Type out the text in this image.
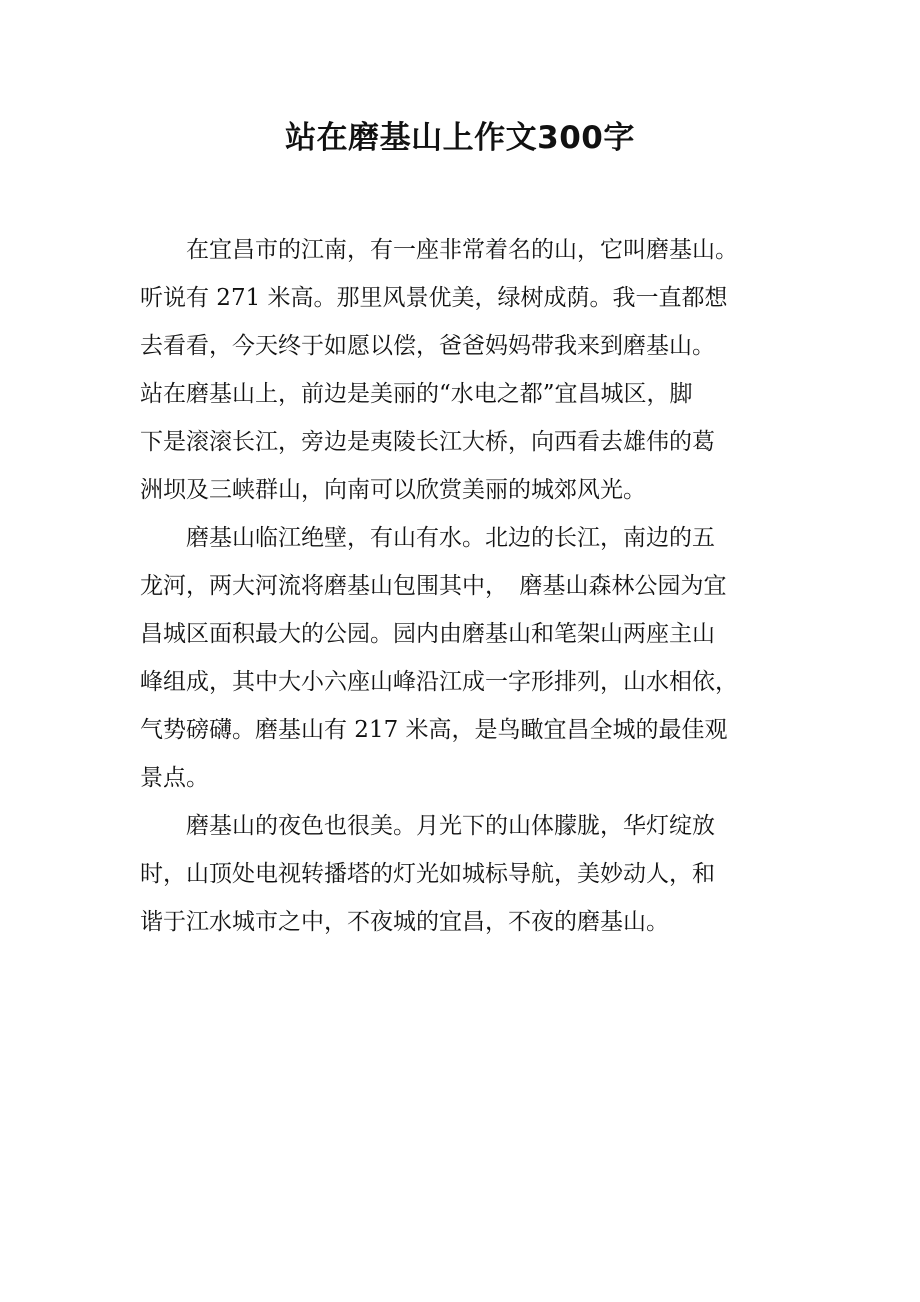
站在磨基山上作文300字
　　在宜昌市的江南，有一座非常着名的山，它叫磨基山。
听说有 271 米高。那里风景优美，绿树成荫。我一直都想
去看看，今天终于如愿以偿，爸爸妈妈带我来到磨基山。
站在磨基山上，前边是美丽的“水电之都”宜昌城区，脚
下是滚滚长江，旁边是夷陵长江大桥，向西看去雄伟的葛
洲坝及三峡群山，向南可以欣赏美丽的城郊风光。
　　磨基山临江绝壁，有山有水。北边的长江，南边的五
龙河，两大河流将磨基山包围其中，　磨基山森林公园为宜
昌城区面积最大的公园。园内由磨基山和笔架山两座主山
峰组成，其中大小六座山峰沿江成一字形排列，山水相依，
气势磅礴。磨基山有 217 米高，是鸟瞰宜昌全城的最佳观
景点。
　　磨基山的夜色也很美。月光下的山体朦胧，华灯绽放
时，山顶处电视转播塔的灯光如城标导航，美妙动人，和
谐于江水城市之中，不夜城的宜昌，不夜的磨基山。
